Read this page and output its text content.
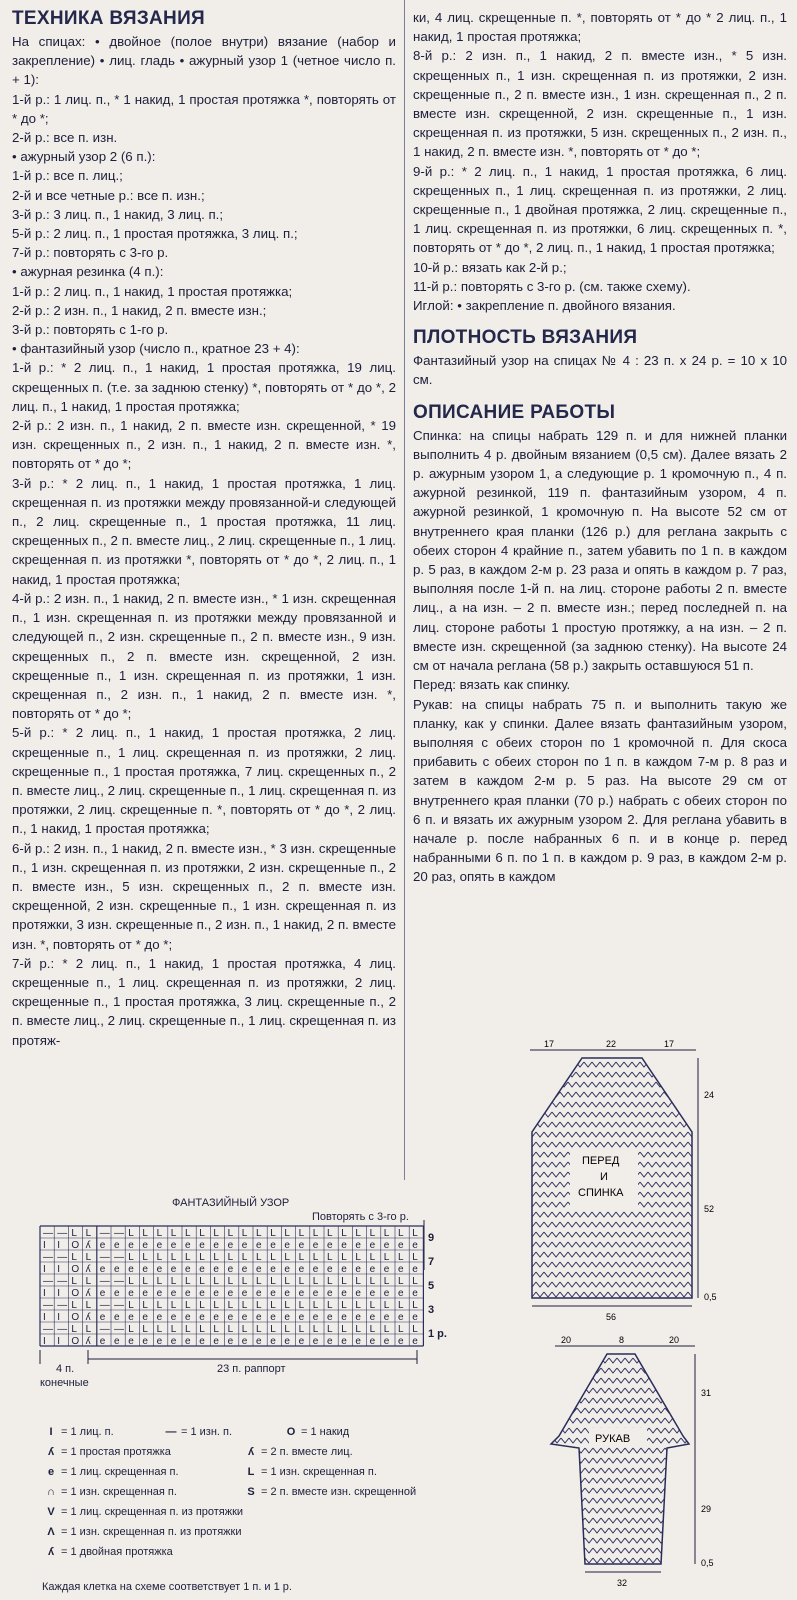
ТЕХНИКА ВЯЗАНИЯ

На спицах: • двойное (полое внутри) вязание (набор и закрепление) • лиц. гладь • ажурный узор 1 (четное число п. + 1):

1-й р.: 1 лиц. п., * 1 накид, 1 простая протяжка *, повторять от * до *;

2-й р.: все п. изн.

• ажурный узор 2 (6 п.):

1-й р.: все п. лиц.;

2-й и все четные р.: все п. изн.;

3-й р.: 3 лиц. п., 1 накид, 3 лиц. п.;

5-й р.: 2 лиц. п., 1 простая протяжка, 3 лиц. п.;

7-й р.: повторять с 3-го р.

• ажурная резинка (4 п.):

1-й р.: 2 лиц. п., 1 накид, 1 простая протяжка;

2-й р.: 2 изн. п., 1 накид, 2 п. вместе изн.;

3-й р.: повторять с 1-го р.

• фантазийный узор (число п., кратное 23 + 4):

1-й р.: * 2 лиц. п., 1 накид, 1 простая протяжка, 19 лиц. скрещенных п. (т.е. за заднюю стенку) *, повторять от * до *, 2 лиц. п., 1 накид, 1 простая протяжка;

2-й р.: 2 изн. п., 1 накид, 2 п. вместе изн. скрещенной, * 19 изн. скрещенных п., 2 изн. п., 1 накид, 2 п. вместе изн. *, повторять от * до *;

3-й р.: * 2 лиц. п., 1 накид, 1 простая протяжка, 1 лиц. скрещенная п. из протяжки между провязанной-и следующей п., 2 лиц. скрещенные п., 1 простая протяжка, 11 лиц. скрещенных п., 2 п. вместе лиц., 2 лиц. скрещенные п., 1 лиц. скрещенная п. из протяжки *, повторять от * до *, 2 лиц. п., 1 накид, 1 простая протяжка;

4-й р.: 2 изн. п., 1 накид, 2 п. вместе изн., * 1 изн. скрещенная п., 1 изн. скрещенная п. из протяжки между провязанной и следующей п., 2 изн. скрещенные п., 2 п. вместе изн., 9 изн. скрещенных п., 2 п. вместе изн. скрещенной, 2 изн. скрещенные п., 1 изн. скрещенная п. из протяжки, 1 изн. скрещенная п., 2 изн. п., 1 накид, 2 п. вместе изн. *, повторять от * до *;

5-й р.: * 2 лиц. п., 1 накид, 1 простая протяжка, 2 лиц. скрещенные п., 1 лиц. скрещенная п. из протяжки, 2 лиц. скрещенные п., 1 простая протяжка, 7 лиц. скрещенных п., 2 п. вместе лиц., 2 лиц. скрещенные п., 1 лиц. скрещенная п. из протяжки, 2 лиц. скрещенные п. *, повторять от * до *, 2 лиц. п., 1 накид, 1 простая протяжка;

6-й р.: 2 изн. п., 1 накид, 2 п. вместе изн., * 3 изн. скрещенные п., 1 изн. скрещенная п. из протяжки, 2 изн. скрещенные п., 2 п. вместе изн., 5 изн. скрещенных п., 2 п. вместе изн. скрещенной, 2 изн. скрещенные п., 1 изн. скрещенная п. из протяжки, 3 изн. скрещенные п., 2 изн. п., 1 накид, 2 п. вместе изн. *, повторять от * до *;

7-й р.: * 2 лиц. п., 1 накид, 1 простая протяжка, 4 лиц. скрещенные п., 1 лиц. скрещенная п. из протяжки, 2 лиц. скрещенные п., 1 простая протяжка, 3 лиц. скрещенные п., 2 п. вместе лиц., 2 лиц. скрещенные п., 1 лиц. скрещенная п. из протяж-

ки, 4 лиц. скрещенные п. *, повторять от * до * 2 лиц. п., 1 накид, 1 простая протяжка;

8-й р.: 2 изн. п., 1 накид, 2 п. вместе изн., * 5 изн. скрещенных п., 1 изн. скрещенная п. из протяжки, 2 изн. скрещенные п., 2 п. вместе изн., 1 изн. скрещенная п., 2 п. вместе изн. скрещенной, 2 изн. скрещенные п., 1 изн. скрещенная п. из протяжки, 5 изн. скрещенных п., 2 изн. п., 1 накид, 2 п. вместе изн. *, повторять от * до *;

9-й р.: * 2 лиц. п., 1 накид, 1 простая протяжка, 6 лиц. скрещенных п., 1 лиц. скрещенная п. из протяжки, 2 лиц. скрещенные п., 1 двойная протяжка, 2 лиц. скрещенные п., 1 лиц. скрещенная п. из протяжки, 6 лиц. скрещенных п. *, повторять от * до *, 2 лиц. п., 1 накид, 1 простая протяжка;

10-й р.: вязать как 2-й р.;

11-й р.: повторять с 3-го р. (см. также схему).

Иглой: • закрепление п. двойного вязания.

ПЛОТНОСТЬ ВЯЗАНИЯ

Фантазийный узор на спицах № 4 : 23 п. х 24 р. = 10 х 10 см.

ОПИСАНИЕ РАБОТЫ

Спинка: на спицы набрать 129 п. и для нижней планки выполнить 4 р. двойным вязанием (0,5 см). Далее вязать 2 р. ажурным узором 1, а следующие р. 1 кромочную п., 4 п. ажурной резинкой, 119 п. фантазийным узором, 4 п. ажурной резинкой, 1 кромочную п. На высоте 52 см от внутреннего края планки (126 р.) для реглана закрыть с обеих сторон 4 крайние п., затем убавить по 1 п. в каждом р. 5 раз, в каждом 2-м р. 23 раза и опять в каждом р. 7 раз, выполняя после 1-й п. на лиц. стороне работы 2 п. вместе лиц., а на изн. – 2 п. вместе изн.; перед последней п. на лиц. стороне работы 1 простую протяжку, а на изн. – 2 п. вместе изн. скрещенной (за заднюю стенку). На высоте 24 см от начала реглана (58 р.) закрыть оставшуюся 51 п.

Перед: вязать как спинку.

Рукав: на спицы набрать 75 п. и выполнить такую же планку, как у спинки. Далее вязать фантазийным узором, выполняя с обеих сторон по 1 кромочной п. Для скоса прибавить с обеих сторон по 1 п. в каждом 7-м р. 8 раз и затем в каждом 2-м р. 5 раз. На высоте 29 см от внутреннего края планки (70 р.) набрать с обеих сторон по 6 п. и вязать их ажурным узором 2. Для реглана убавить в начале р. после набранных 6 п. и в конце р. перед набранными 6 п. по 1 п. в каждом р. 9 раз, в каждом 2-м р. 20 раз, опять в каждом

ФАНТАЗИЙНЫЙ УЗОР
Повторять с 3-го р.
— — L L — — L L L L L L L L L L L L L L L L L L L L L
I I O ʎ e e e e e e e e e e e e e e e e e e e e e e e
— — L L — — L L L L L L L L L L L L L L L L L L L L L
I I O ʎ e e e e e e e e e e e e e e e e e e e e e e e
— — L L — — L L L L L L L L L L L L L L L L L L L L L
I I O ʎ e e e e e e e e e e e e e e e e e e e e e e e
— — L L — — L L L L L L L L L L L L L L L L L L L L L
I I O ʎ e e e e e e e e e e e e e e e e e e e e e e e
— — L L — — L L L L L L L L L L L L L L L L L L L L L
I I O ʎ e e e e e e e e e e e e e e e e e e e e e e e
9
7
5
3
1 р.
4 п.
конечные
23 п. раппорт
I = 1 лиц. п.	— = 1 изн. п.	O = 1 накид
ʎ = 1 простая протяжка	ʎ = 2 п. вместе лиц.
e = 1 лиц. скрещенная п.	L = 1 изн. скрещенная п.
∩ = 1 изн. скрещенная п.	S = 2 п. вместе изн. скрещенной
V = 1 лиц. скрещенная п. из протяжки
Λ = 1 изн. скрещенная п. из протяжки
ʎ = 1 двойная протяжка
Каждая клетка на схеме соответствует 1 п. и 1 р.
17	22	17
ПЕРЕД
И
СПИНКА
24
52
0,5
56
20	8	20
РУКАВ
31
29
0,5
32
